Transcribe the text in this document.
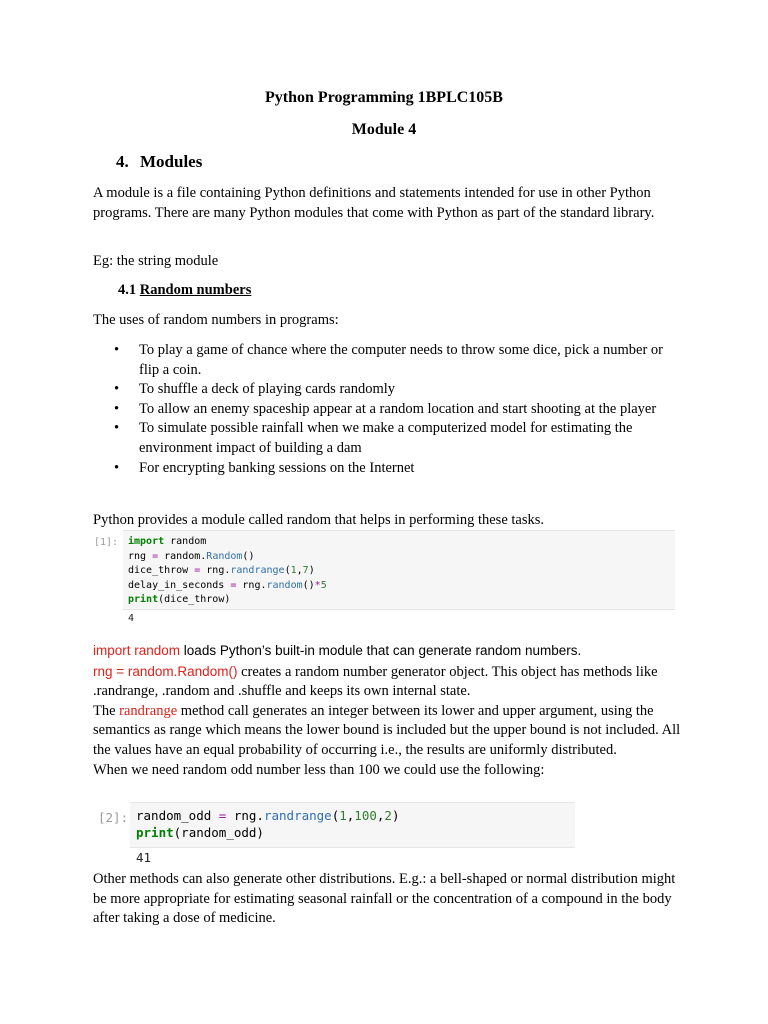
Python Programming 1BPLC105B
Module 4
4. Modules
A module is a file containing Python definitions and statements intended for use in other Python programs. There are many Python modules that come with Python as part of the standard library.
Eg: the string module
4.1 Random numbers
The uses of random numbers in programs:
• To play a game of chance where the computer needs to throw some dice, pick a number or flip a coin.
• To shuffle a deck of playing cards randomly
• To allow an enemy spaceship appear at a random location and start shooting at the player
• To simulate possible rainfall when we make a computerized model for estimating the environment impact of building a dam
• For encrypting banking sessions on the Internet
Python provides a module called random that helps in performing these tasks.
[1]: import random
rng = random.Random()
dice_throw = rng.randrange(1,7)
delay_in_seconds = rng.random()*5
print(dice_throw)
4
import random loads Python’s built-in module that can generate random numbers.
rng = random.Random() creates a random number generator object. This object has methods like .randrange, .random and .shuffle and keeps its own internal state.
The randrange method call generates an integer between its lower and upper argument, using the semantics as range which means the lower bound is included but the upper bound is not included. All the values have an equal probability of occurring i.e., the results are uniformly distributed.
When we need random odd number less than 100 we could use the following:
[2]: random_odd = rng.randrange(1,100,2)
print(random_odd)
41
Other methods can also generate other distributions. E.g.: a bell-shaped or normal distribution might be more appropriate for estimating seasonal rainfall or the concentration of a compound in the body after taking a dose of medicine.
